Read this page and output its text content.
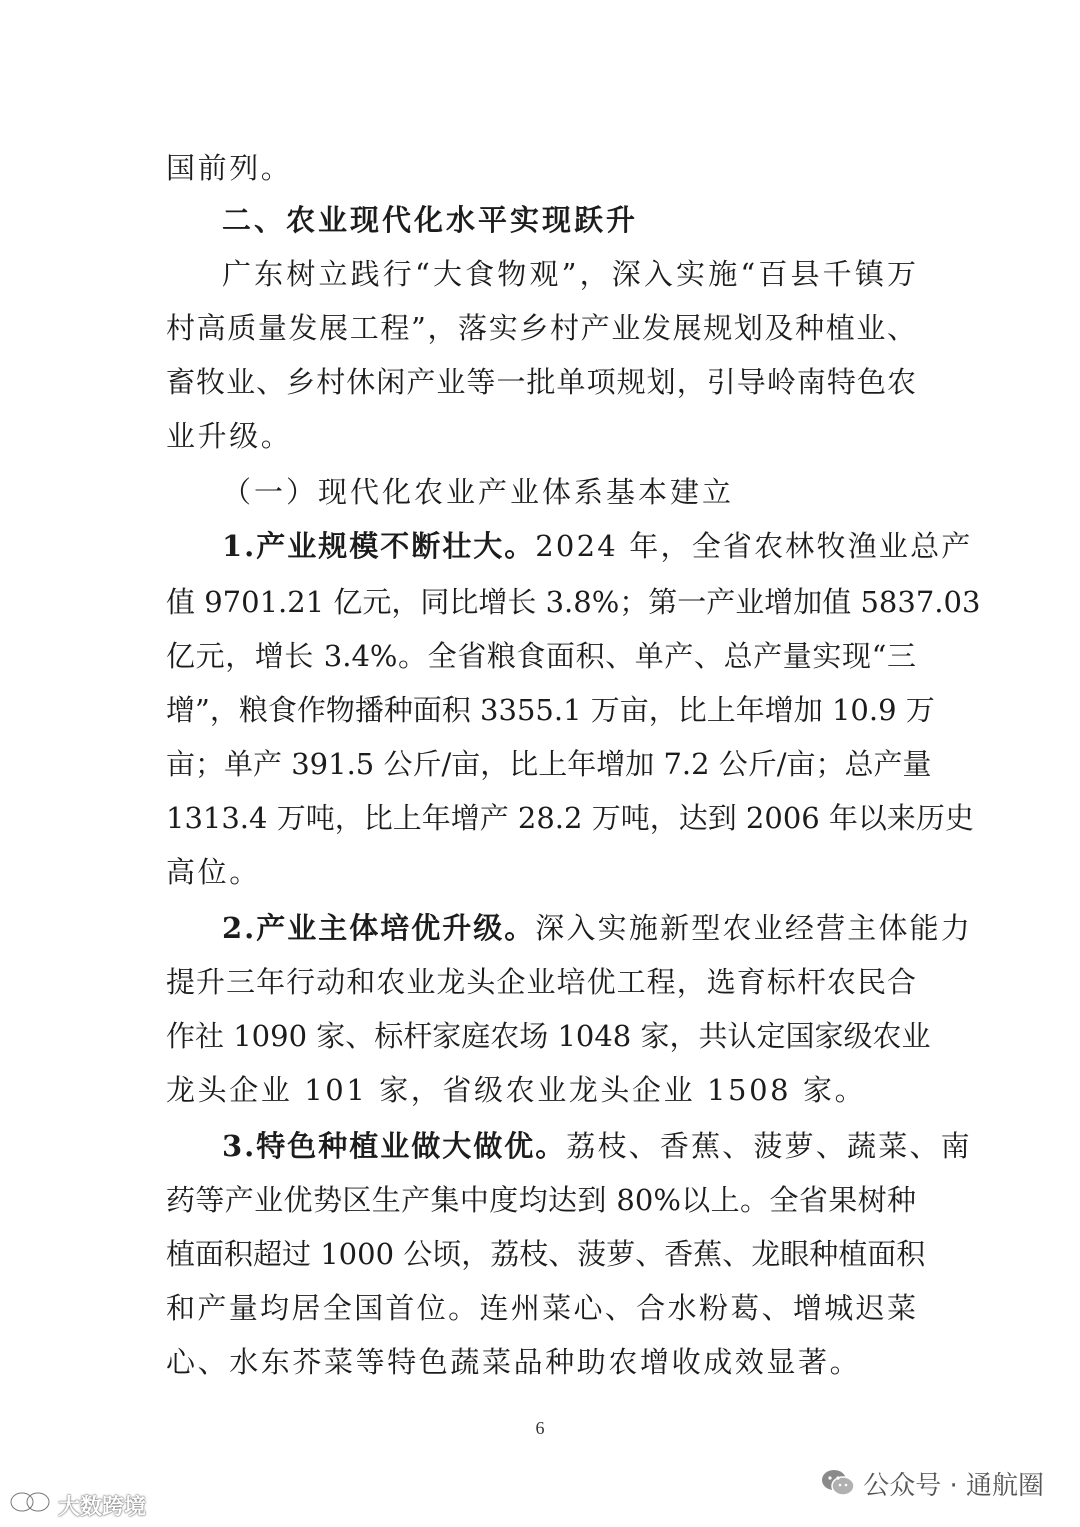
国前列。
二、农业现代化水平实现跃升
广东树立践行“大食物观”，深入实施“百县千镇万
村高质量发展工程”，落实乡村产业发展规划及种植业、
畜牧业、乡村休闲产业等一批单项规划，引导岭南特色农
业升级。
（一）现代化农业产业体系基本建立
1.产业规模不断壮大。 2024 年，全省农林牧渔业总产
值 9701.21 亿元，同比增长 3.8%；第一产业增加值 5837.03
亿元，增长 3.4%。全省粮食面积、单产、总产量实现“三
增”，粮食作物播种面积 3355.1 万亩，比上年增加 10.9 万
亩；单产 391.5 公斤/亩，比上年增加 7.2 公斤/亩；总产量
1313.4 万吨，比上年增产 28.2 万吨，达到 2006 年以来历史
高位。
2.产业主体培优升级。 深入实施新型农业经营主体能力
提升三年行动和农业龙头企业培优工程，选育标杆农民合
作社 1090 家、标杆家庭农场 1048 家，共认定国家级农业
龙头企业 101 家，省级农业龙头企业 1508 家。
3.特色种植业做大做优。 荔枝、香蕉、菠萝、蔬菜、南
药等产业优势区生产集中度均达到 80%以上。全省果树种
植面积超过 1000 公顷，荔枝、菠萝、香蕉、龙眼种植面积
和产量均居全国首位。连州菜心、合水粉葛、增城迟菜
心、水东芥菜等特色蔬菜品种助农增收成效显著。
6
公众号 · 通航圈
大数跨境
